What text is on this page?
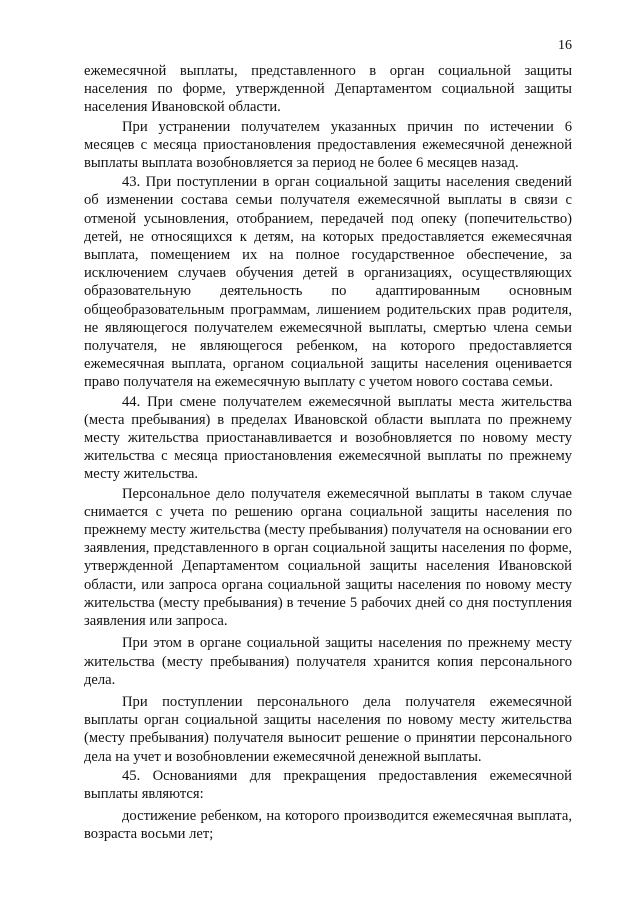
16

ежемесячной выплаты, представленного в орган социальной защиты населения по форме, утвержденной Департаментом социальной защиты населения Ивановской области.

При устранении получателем указанных причин по истечении 6 месяцев с месяца приостановления предоставления ежемесячной денежной выплаты выплата возобновляется за период не более 6 месяцев назад.

43. При поступлении в орган социальной защиты населения сведений об изменении состава семьи получателя ежемесячной выплаты в связи с отменой усыновления, отобранием, передачей под опеку (попечительство) детей, не относящихся к детям, на которых предоставляется ежемесячная выплата, помещением их на полное государственное обеспечение, за исключением случаев обучения детей в организациях, осуществляющих образовательную деятельность по адаптированным основным общеобразовательным программам, лишением родительских прав родителя, не являющегося получателем ежемесячной выплаты, смертью члена семьи получателя, не являющегося ребенком, на которого предоставляется ежемесячная выплата, органом социальной защиты населения оценивается право получателя на ежемесячную выплату с учетом нового состава семьи.

44. При смене получателем ежемесячной выплаты места жительства (места пребывания) в пределах Ивановской области выплата по прежнему месту жительства приостанавливается и возобновляется по новому месту жительства с месяца приостановления ежемесячной выплаты по прежнему месту жительства.

Персональное дело получателя ежемесячной выплаты в таком случае снимается с учета по решению органа социальной защиты населения по прежнему месту жительства (месту пребывания) получателя на основании его заявления, представленного в орган социальной защиты населения по форме, утвержденной Департаментом социальной защиты населения Ивановской области, или запроса органа социальной защиты населения по новому месту жительства (месту пребывания) в течение 5 рабочих дней со дня поступления заявления или запроса.

При этом в органе социальной защиты населения по прежнему месту жительства (месту пребывания) получателя хранится копия персонального дела.

При поступлении персонального дела получателя ежемесячной выплаты орган социальной защиты населения по новому месту жительства (месту пребывания) получателя выносит решение о принятии персонального дела на учет и возобновлении ежемесячной денежной выплаты.

45. Основаниями для прекращения предоставления ежемесячной выплаты являются:

достижение ребенком, на которого производится ежемесячная выплата, возраста восьми лет;
